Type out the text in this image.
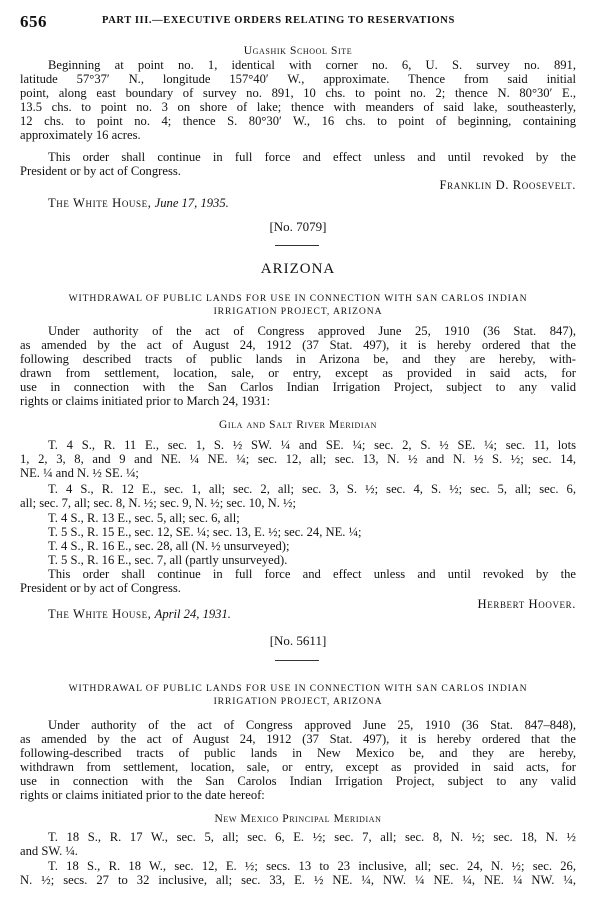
656	PART III.—EXECUTIVE ORDERS RELATING TO RESERVATIONS
Ugashik School Site
Beginning at point no. 1, identical with corner no. 6, U. S. survey no. 891,
latitude 57°37′ N., longitude 157°40′ W., approximate. Thence from said initial
point, along east boundary of survey no. 891, 10 chs. to point no. 2; thence N. 80°30′ E.,
13.5 chs. to point no. 3 on shore of lake; thence with meanders of said lake, southeasterly,
12 chs. to point no. 4; thence S. 80°30′ W., 16 chs. to point of beginning, containing
approximately 16 acres.
This order shall continue in full force and effect unless and until revoked by the
President or by act of Congress.
Franklin D. Roosevelt.
The White House, June 17, 1935.
[No. 7079]
ARIZONA
WITHDRAWAL OF PUBLIC LANDS FOR USE IN CONNECTION WITH SAN CARLOS INDIAN
IRRIGATION PROJECT, ARIZONA
Under authority of the act of Congress approved June 25, 1910 (36 Stat. 847),
as amended by the act of August 24, 1912 (37 Stat. 497), it is hereby ordered that the
following described tracts of public lands in Arizona be, and they are hereby, with-
drawn from settlement, location, sale, or entry, except as provided in said acts, for
use in connection with the San Carlos Indian Irrigation Project, subject to any valid
rights or claims initiated prior to March 24, 1931:
Gila and Salt River Meridian
T. 4 S., R. 11 E., sec. 1, S. ½ SW. ¼ and SE. ¼; sec. 2, S. ½ SE. ¼; sec. 11, lots
1, 2, 3, 8, and 9 and NE. ¼ NE. ¼; sec. 12, all; sec. 13, N. ½ and N. ½ S. ½; sec. 14,
NE. ¼ and N. ½ SE. ¼;
T. 4 S., R. 12 E., sec. 1, all; sec. 2, all; sec. 3, S. ½; sec. 4, S. ½; sec. 5, all; sec. 6,
all; sec. 7, all; sec. 8, N. ½; sec. 9, N. ½; sec. 10, N. ½;
T. 4 S., R. 13 E., sec. 5, all; sec. 6, all;
T. 5 S., R. 15 E., sec. 12, SE. ¼; sec. 13, E. ½; sec. 24, NE. ¼;
T. 4 S., R. 16 E., sec. 28, all (N. ½ unsurveyed);
T. 5 S., R. 16 E., sec. 7, all (partly unsurveyed).
This order shall continue in full force and effect unless and until revoked by the
President or by act of Congress.
Herbert Hoover.
The White House, April 24, 1931.
[No. 5611]
WITHDRAWAL OF PUBLIC LANDS FOR USE IN CONNECTION WITH SAN CARLOS INDIAN
IRRIGATION PROJECT, ARIZONA
Under authority of the act of Congress approved June 25, 1910 (36 Stat. 847–848),
as amended by the act of August 24, 1912 (37 Stat. 497), it is hereby ordered that the
following-described tracts of public lands in New Mexico be, and they are hereby,
withdrawn from settlement, location, sale, or entry, except as provided in said acts, for
use in connection with the San Carolos Indian Irrigation Project, subject to any valid
rights or claims initiated prior to the date hereof:
New Mexico Principal Meridian
T. 18 S., R. 17 W., sec. 5, all; sec. 6, E. ½; sec. 7, all; sec. 8, N. ½; sec. 18, N. ½
and SW. ¼.
T. 18 S., R. 18 W., sec. 12, E. ½; secs. 13 to 23 inclusive, all; sec. 24, N. ½; sec. 26,
N. ½; secs. 27 to 32 inclusive, all; sec. 33, E. ½ NE. ¼, NW. ¼ NE. ¼, NE. ¼ NW. ¼,
